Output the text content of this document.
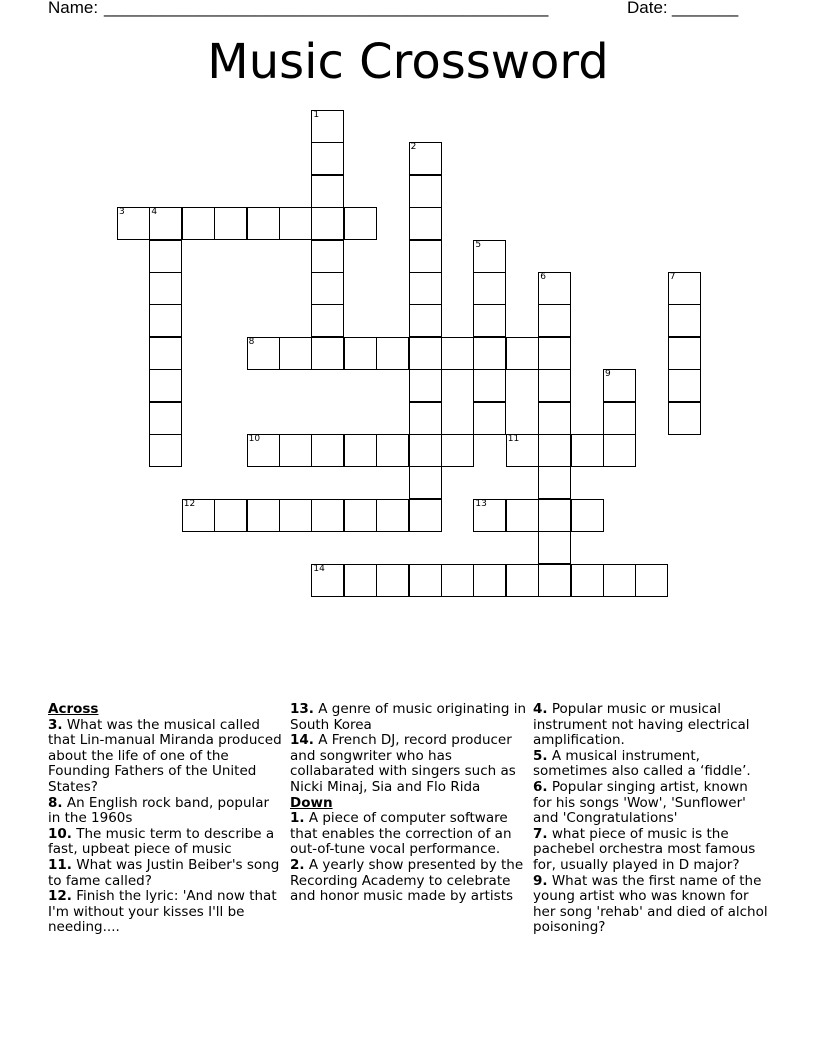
Name: _______________________________________________	Date: _______
Music Crossword
3	4
8
10	11
12	13
14
1
2
5
6	7
9
Across
3. What was the musical called that Lin-manual Miranda produced about the life of one of the Founding Fathers of the United States?
8. An English rock band, popular in the 1960s
10. The music term to describe a fast, upbeat piece of music
11. What was Justin Beiber's song to fame called?
12. Finish the lyric: 'And now that I'm without your kisses I'll be needing....
13. A genre of music originating in South Korea
14. A French DJ, record producer and songwriter who has collabarated with singers such as Nicki Minaj, Sia and Flo Rida
Down
1. A piece of computer software that enables the correction of an out-of-tune vocal performance.
2. A yearly show presented by the Recording Academy to celebrate and honor music made by artists
4. Popular music or musical instrument not having electrical amplification.
5. A musical instrument, sometimes also called a ‘fiddle’.
6. Popular singing artist, known for his songs 'Wow', 'Sunflower' and 'Congratulations'
7. what piece of music is the pachebel orchestra most famous for, usually played in D major?
9. What was the first name of the young artist who was known for her song 'rehab' and died of alchol poisoning?
